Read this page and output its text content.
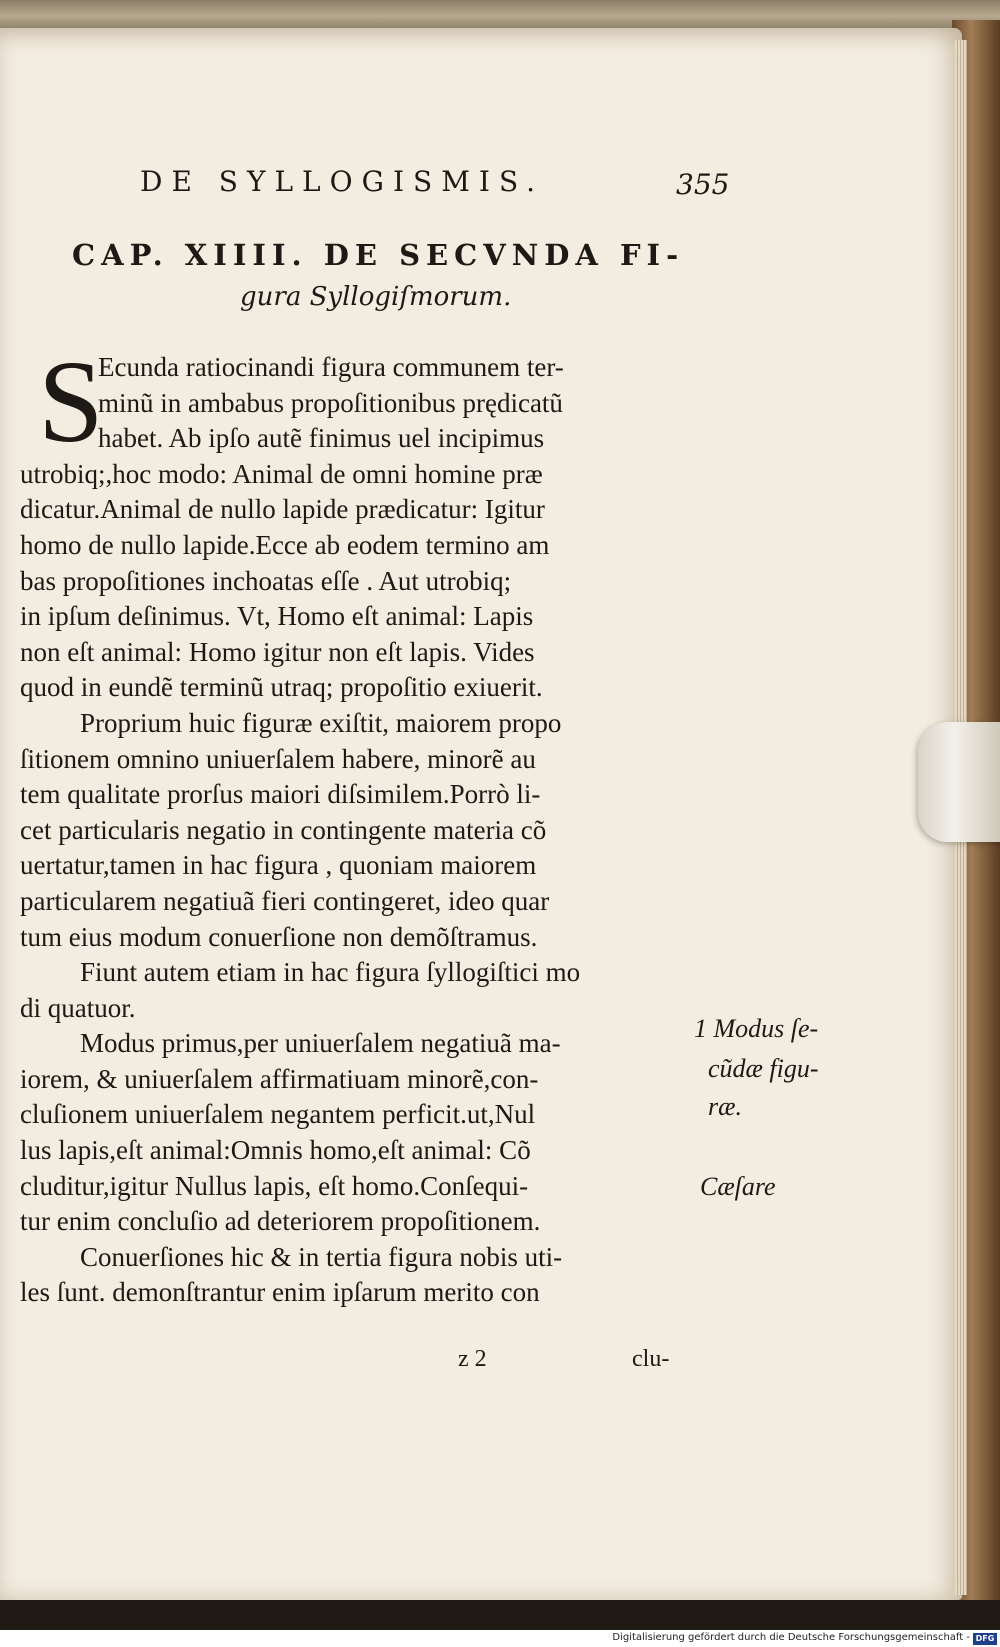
DE SYLLOGISMIS.	355
CAP. XIIII. DE SECVNDA FI-
gura Syllogiſmorum.
S
Ecunda ratiocinandi figura communem ter-
minũ in ambabus propoſitionibus prędicatũ
habet. Ab ipſo autẽ finimus uel incipimus
utrobiq;,hoc modo: Animal de omni homine præ
dicatur.Animal de nullo lapide prædicatur: Igitur
homo de nullo lapide.Ecce ab eodem termino am
bas propoſitiones inchoatas eſſe . Aut utrobiq;
in ipſum deſinimus. Vt, Homo eſt animal: Lapis
non eſt animal: Homo igitur non eſt lapis. Vides
quod in eundẽ terminũ utraq; propoſitio exiuerit.
Proprium huic figuræ exiſtit, maiorem propo
ſitionem omnino uniuerſalem habere, minorẽ au
tem qualitate prorſus maiori diſsimilem.Porrò li-
cet particularis negatio in contingente materia cõ
uertatur,tamen in hac figura , quoniam maiorem
particularem negatiuã fieri contingeret, ideo quar
tum eius modum conuerſione non demõſtramus.
Fiunt autem etiam in hac figura ſyllogiſtici mo
di quatuor.
Modus primus,per uniuerſalem negatiuã ma-
iorem, & uniuerſalem affirmatiuam minorẽ,con-
cluſionem uniuerſalem negantem perficit.ut,Nul
lus lapis,eſt animal:Omnis homo,eſt animal: Cõ
cluditur,igitur Nullus lapis, eſt homo.Conſequi-
tur enim concluſio ad deteriorem propoſitionem.
Conuerſiones hic & in tertia figura nobis uti-
les ſunt. demonſtrantur enim ipſarum merito con
1 Modus ſe-
cũdæ figu-
ræ.
Cæſare
z 2	clu-
Digitalisierung gefördert durch die Deutsche Forschungsgemeinschaft - DFG
